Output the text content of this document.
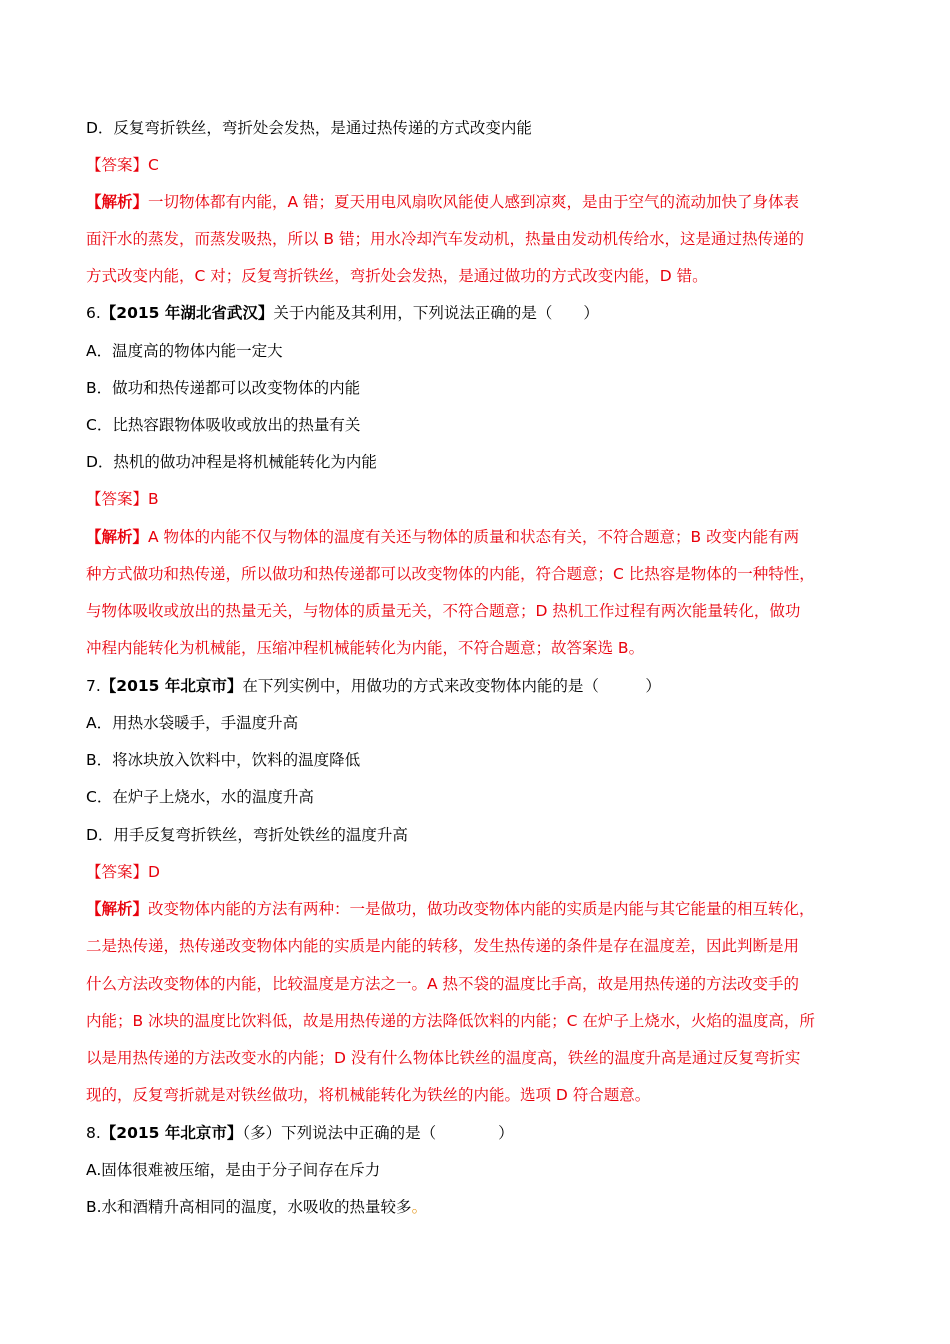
D．反复弯折铁丝，弯折处会发热，是通过热传递的方式改变内能
【答案】C
【解析】一切物体都有内能，A 错；夏天用电风扇吹风能使人感到凉爽，是由于空气的流动加快了身体表
面汗水的蒸发，而蒸发吸热，所以 B 错；用水冷却汽车发动机，热量由发动机传给水，这是通过热传递的
方式改变内能，C 对；反复弯折铁丝，弯折处会发热，是通过做功的方式改变内能，D 错。
6.【2015 年湖北省武汉】关于内能及其利用，下列说法正确的是（　　）
A．温度高的物体内能一定大
B．做功和热传递都可以改变物体的内能
C．比热容跟物体吸收或放出的热量有关
D．热机的做功冲程是将机械能转化为内能
【答案】B
【解析】A 物体的内能不仅与物体的温度有关还与物体的质量和状态有关，不符合题意；B 改变内能有两
种方式做功和热传递，所以做功和热传递都可以改变物体的内能，符合题意；C 比热容是物体的一种特性，
与物体吸收或放出的热量无关，与物体的质量无关，不符合题意；D 热机工作过程有两次能量转化，做功
冲程内能转化为机械能，压缩冲程机械能转化为内能，不符合题意；故答案选 B。
7.【2015 年北京市】在下列实例中，用做功的方式来改变物体内能的是（　　　）
A．用热水袋暖手，手温度升高
B．将冰块放入饮料中，饮料的温度降低
C．在炉子上烧水，水的温度升高
D．用手反复弯折铁丝，弯折处铁丝的温度升高
【答案】D
【解析】改变物体内能的方法有两种：一是做功，做功改变物体内能的实质是内能与其它能量的相互转化，
二是热传递，热传递改变物体内能的实质是内能的转移，发生热传递的条件是存在温度差，因此判断是用
什么方法改变物体的内能，比较温度是方法之一。A 热不袋的温度比手高，故是用热传递的方法改变手的
内能；B 冰块的温度比饮料低，故是用热传递的方法降低饮料的内能；C 在炉子上烧水，火焰的温度高，所
以是用热传递的方法改变水的内能；D 没有什么物体比铁丝的温度高，铁丝的温度升高是通过反复弯折实
现的，反复弯折就是对铁丝做功，将机械能转化为铁丝的内能。选项 D 符合题意。
8.【2015 年北京市】（多）下列说法中正确的是（　　　　）
A.固体很难被压缩，是由于分子间存在斥力
B.水和酒精升高相同的温度，水吸收的热量较多。
